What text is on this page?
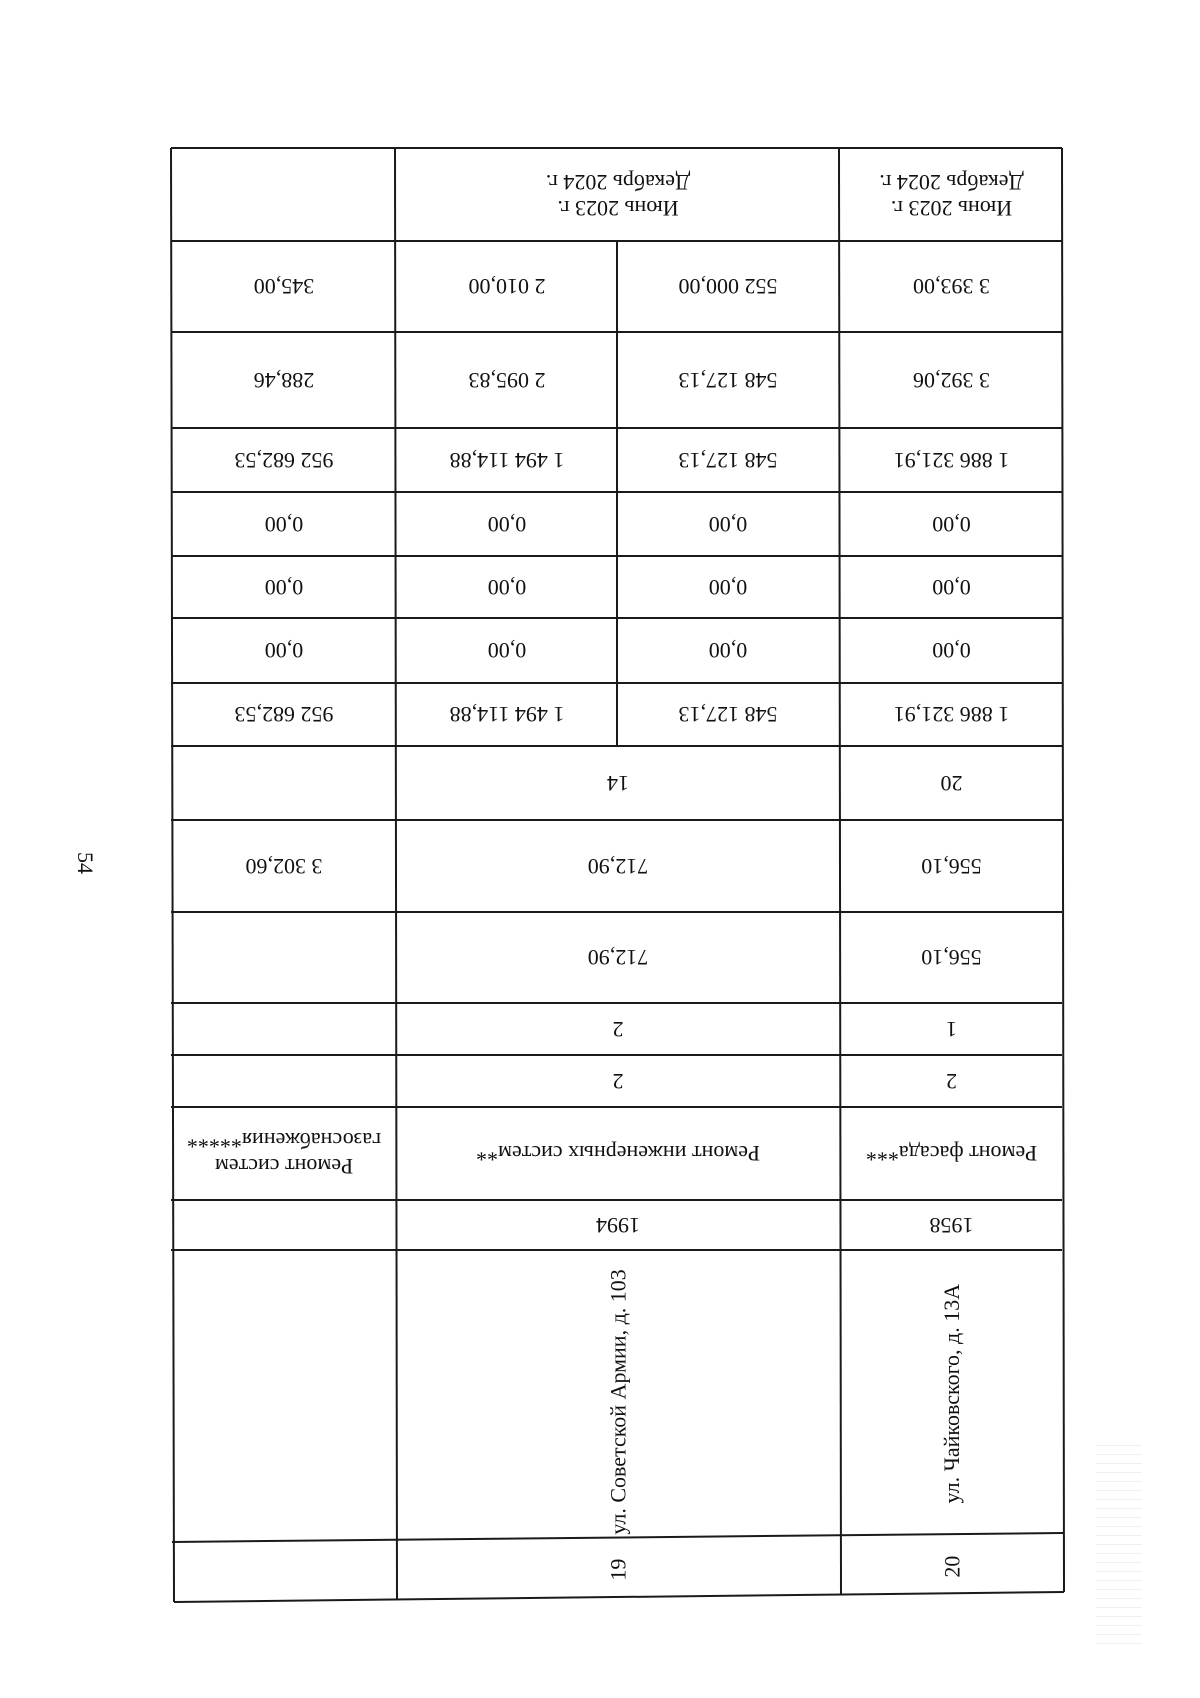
54
Июнь 2023 г.
Декабрь 2024 г.
3 393,00
3 392,06
1 886 321,91
0,00
0,00
0,00
1 886 321,91
20
556,10
556,10
1
2
Ремонт фасада***
1958
ул. Чайковского, д. 13А
20
Июнь 2023 г.
Декабрь 2024 г.
552 000,00
2 010,00
548 127,13
2 095,83
548 127,13
1 494 114,88
0,00
0,00
0,00
0,00
0,00
0,00
548 127,13
1 494 114,88
14
712,90
712,90
2
2
Ремонт инженерных систем**
1994
ул. Советской Армии, д. 103
19
345,00
288,46
952 682,53
0,00
0,00
0,00
952 682,53
3 302,60
Ремонт систем газоснабжения*****
